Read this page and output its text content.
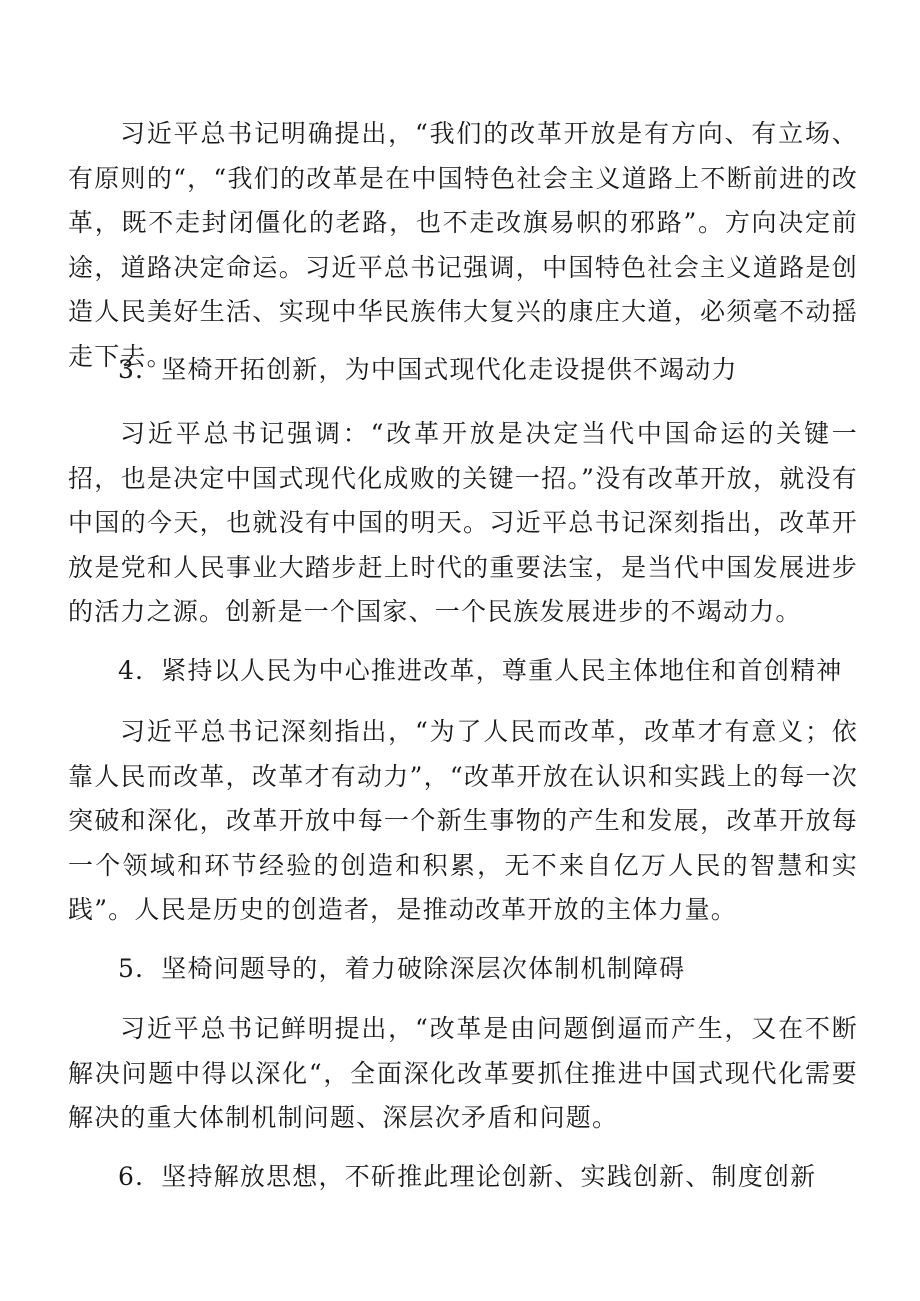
习近平总书记明确提出，“我们的改革开放是有方向、有立场、有原则的“，“我们的改革是在中国特色社会主义道路上不断前进的改革，既不走封闭僵化的老路，也不走改旗易帜的邪路”。方向决定前途，道路决定命运。习近平总书记强调，中国特色社会主义道路是创造人民美好生活、实现中华民族伟大复兴的康庄大道，必须毫不动摇走下去。

3．坚椅开拓创新，为中国式现代化走设提供不竭动力

习近平总书记强调：“改革开放是决定当代中国命运的关键一招，也是决定中国式现代化成败的关键一招。”没有改革开放，就没有中国的今天，也就没有中国的明天。习近平总书记深刻指出，改革开放是党和人民事业大踏步赶上时代的重要法宝，是当代中国发展进步的活力之源。创新是一个国家、一个民族发展进步的不竭动力。

4．紧持以人民为中心推进改革，尊重人民主体地住和首创精神

习近平总书记深刻指出，“为了人民而改革，改革才有意义；依靠人民而改革，改革才有动力”，“改革开放在认识和实践上的每一次突破和深化，改革开放中每一个新生事物的产生和发展，改革开放每一个领域和环节经验的创造和积累，无不来自亿万人民的智慧和实践”。人民是历史的创造者，是推动改革开放的主体力量。

5．坚椅问题导的，着力破除深层次体制机制障碍

习近平总书记鲜明提出，“改革是由问题倒逼而产生，又在不断解决问题中得以深化“，全面深化改革要抓住推进中国式现代化需要解决的重大体制机制问题、深层次矛盾和问题。

6．坚持解放思想，不斫推此理论创新、实践创新、制度创新
